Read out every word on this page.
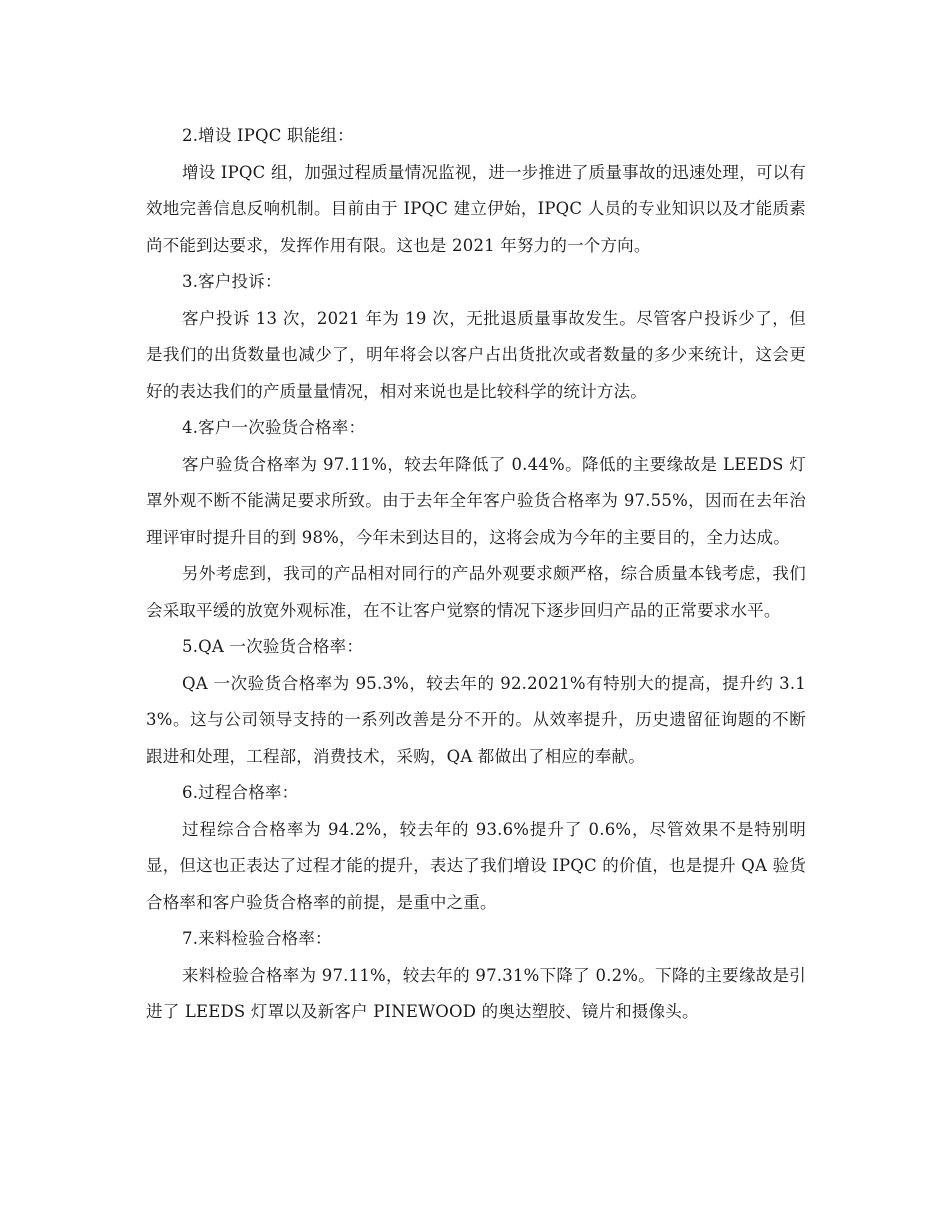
2.增设 IPQC 职能组：

增设 IPQC 组，加强过程质量情况监视，进一步推进了质量事故的迅速处理，可以有效地完善信息反响机制。目前由于 IPQC 建立伊始，IPQC 人员的专业知识以及才能质素尚不能到达要求，发挥作用有限。这也是 2021 年努力的一个方向。

3.客户投诉：

客户投诉 13 次，2021 年为 19 次，无批退质量事故发生。尽管客户投诉少了，但是我们的出货数量也减少了，明年将会以客户占出货批次或者数量的多少来统计，这会更好的表达我们的产质量量情况，相对来说也是比较科学的统计方法。

4.客户一次验货合格率：

客户验货合格率为 97.11%，较去年降低了 0.44%。降低的主要缘故是 LEEDS 灯罩外观不断不能满足要求所致。由于去年全年客户验货合格率为 97.55%，因而在去年治理评审时提升目的到 98%，今年未到达目的，这将会成为今年的主要目的，全力达成。

另外考虑到，我司的产品相对同行的产品外观要求颇严格，综合质量本钱考虑，我们会采取平缓的放宽外观标准，在不让客户觉察的情况下逐步回归产品的正常要求水平。

5.QA 一次验货合格率：

QA 一次验货合格率为 95.3%，较去年的 92.2021%有特别大的提高，提升约 3.13%。这与公司领导支持的一系列改善是分不开的。从效率提升，历史遗留征询题的不断跟进和处理，工程部，消费技术，采购，QA 都做出了相应的奉献。

6.过程合格率：

过程综合合格率为 94.2%，较去年的 93.6%提升了 0.6%，尽管效果不是特别明显，但这也正表达了过程才能的提升，表达了我们增设 IPQC 的价值，也是提升 QA 验货合格率和客户验货合格率的前提，是重中之重。

7.来料检验合格率：

来料检验合格率为 97.11%，较去年的 97.31%下降了 0.2%。下降的主要缘故是引进了 LEEDS 灯罩以及新客户 PINEWOOD 的奥达塑胶、镜片和摄像头。
